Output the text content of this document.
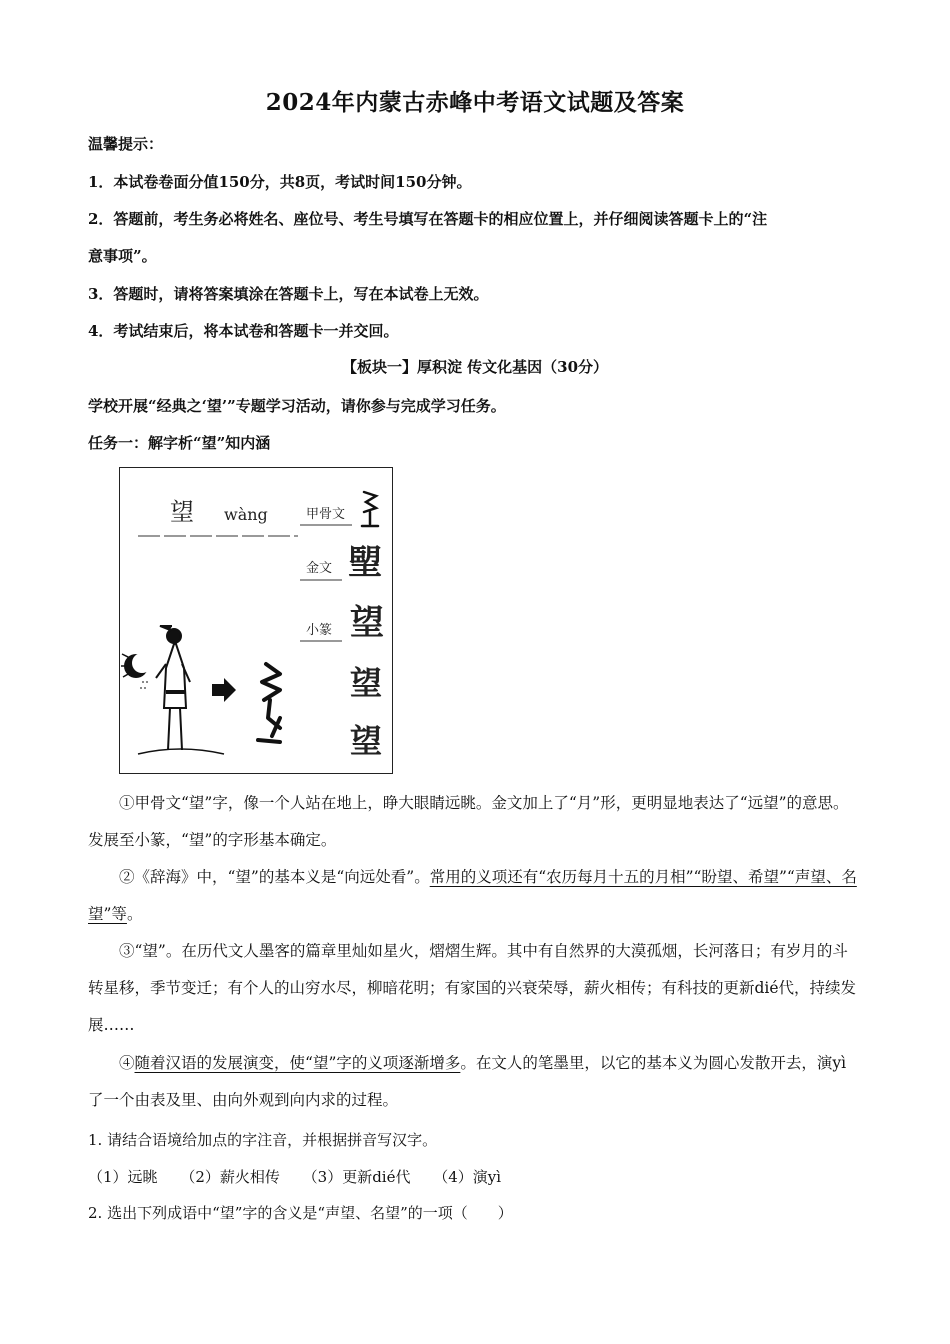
2024年内蒙古赤峰中考语文试题及答案
温馨提示：
1．本试卷卷面分值150分，共8页，考试时间150分钟。
2．答题前，考生务必将姓名、座位号、考生号填写在答题卡的相应位置上，并仔细阅读答题卡上的“注
意事项”。
3．答题时，请将答案填涂在答题卡上，写在本试卷上无效。
4．考试结束后，将本试卷和答题卡一并交回。
【板块一】厚积淀 传文化基因（30分）
学校开展“经典之‘望’”专题学习活动，请你参与完成学习任务。
任务一：解字析“望”知内涵
望 wàng	甲骨文
金文
小篆
朢
望
望
望
①甲骨文“望”字，像一个人站在地上，睁大眼睛远眺。金文加上了“月”形，更明显地表达了“远望”的意思。发展至小篆，“望”的字形基本确定。
②《辞海》中，“望”的基本义是“向远处看”。常用的义项还有“农历每月十五的月相”“盼望、希望”“声望、名望”等。
③“望”。在历代文人墨客的篇章里灿如星火，熠熠生辉。其中有自然界的大漠孤烟，长河落日；有岁月的斗转星移，季节变迁；有个人的山穷水尽，柳暗花明；有家国的兴衰荣辱，薪火相传；有科技的更新dié代，持续发展……
④随着汉语的发展演变，使“望”字的义项逐渐增多。在文人的笔墨里，以它的基本义为圆心发散开去，演yì了一个由表及里、由向外观到向内求的过程。
1. 请结合语境给加点的字注音，并根据拼音写汉字。
（1）远眺 （2）薪火相传 （3）更新dié代 （4）演yì
2. 选出下列成语中“望”字的含义是“声望、名望”的一项（　　）
